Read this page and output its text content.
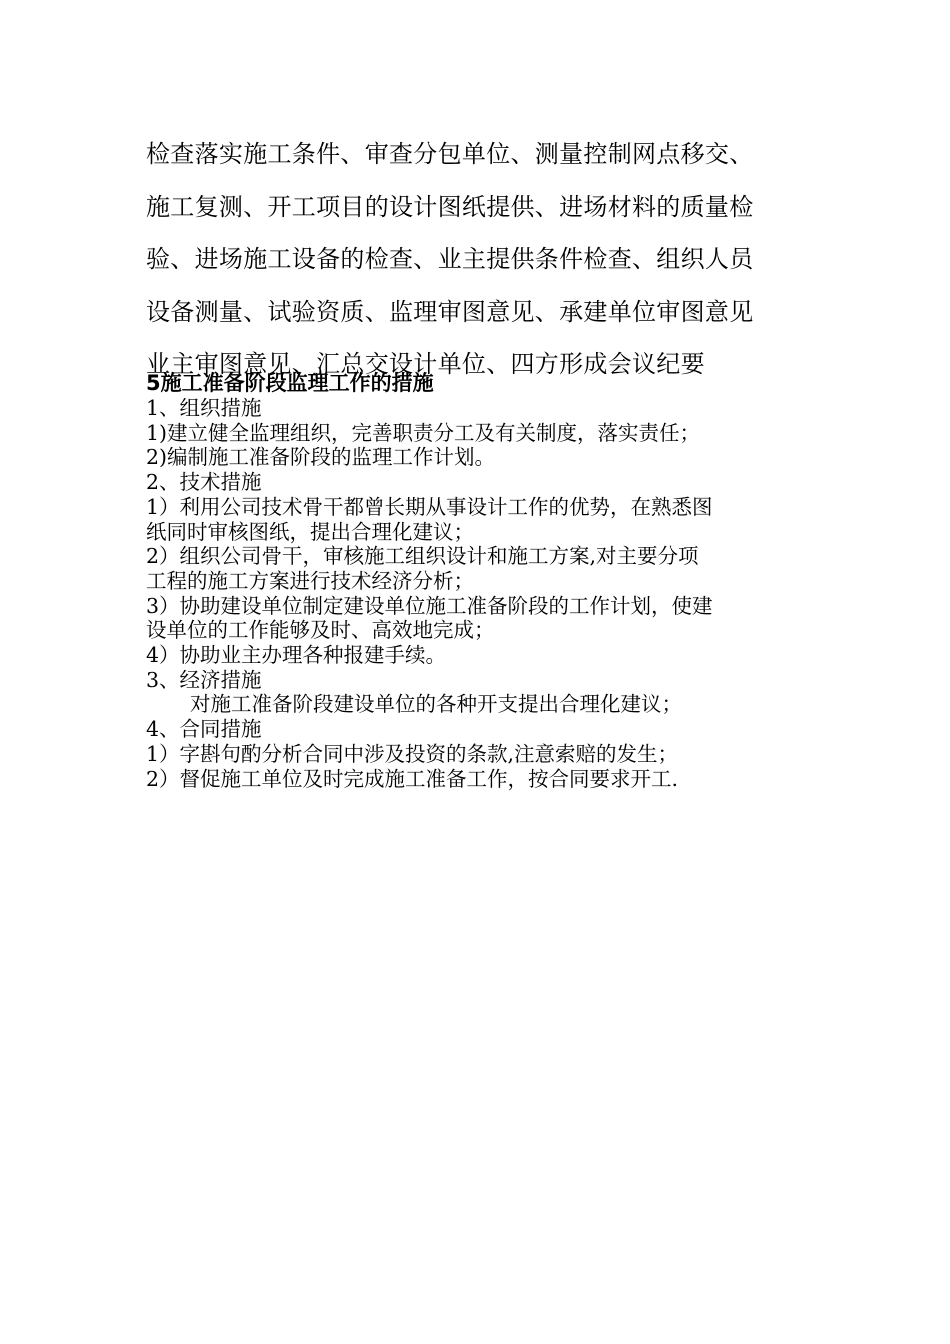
检查落实施工条件、审查分包单位、测量控制网点移交、
施工复测、开工项目的设计图纸提供、进场材料的质量检
验、进场施工设备的检查、业主提供条件检查、组织人员
设备测量、试验资质、监理审图意见、承建单位审图意见
业主审图意见、汇总交设计单位、四方形成会议纪要
5施工准备阶段监理工作的措施
1、组织措施
1)建立健全监理组织，完善职责分工及有关制度，落实责任；
2)编制施工准备阶段的监理工作计划。
2、技术措施
1）利用公司技术骨干都曾长期从事设计工作的优势，在熟悉图
纸同时审核图纸，提出合理化建议；
2）组织公司骨干，审核施工组织设计和施工方案,对主要分项
工程的施工方案进行技术经济分析；
3）协助建设单位制定建设单位施工准备阶段的工作计划，使建
设单位的工作能够及时、高效地完成；
4）协助业主办理各种报建手续。
3、经济措施
对施工准备阶段建设单位的各种开支提出合理化建议；
4、合同措施
1）字斟句酌分析合同中涉及投资的条款,注意索赔的发生；
2）督促施工单位及时完成施工准备工作，按合同要求开工.
